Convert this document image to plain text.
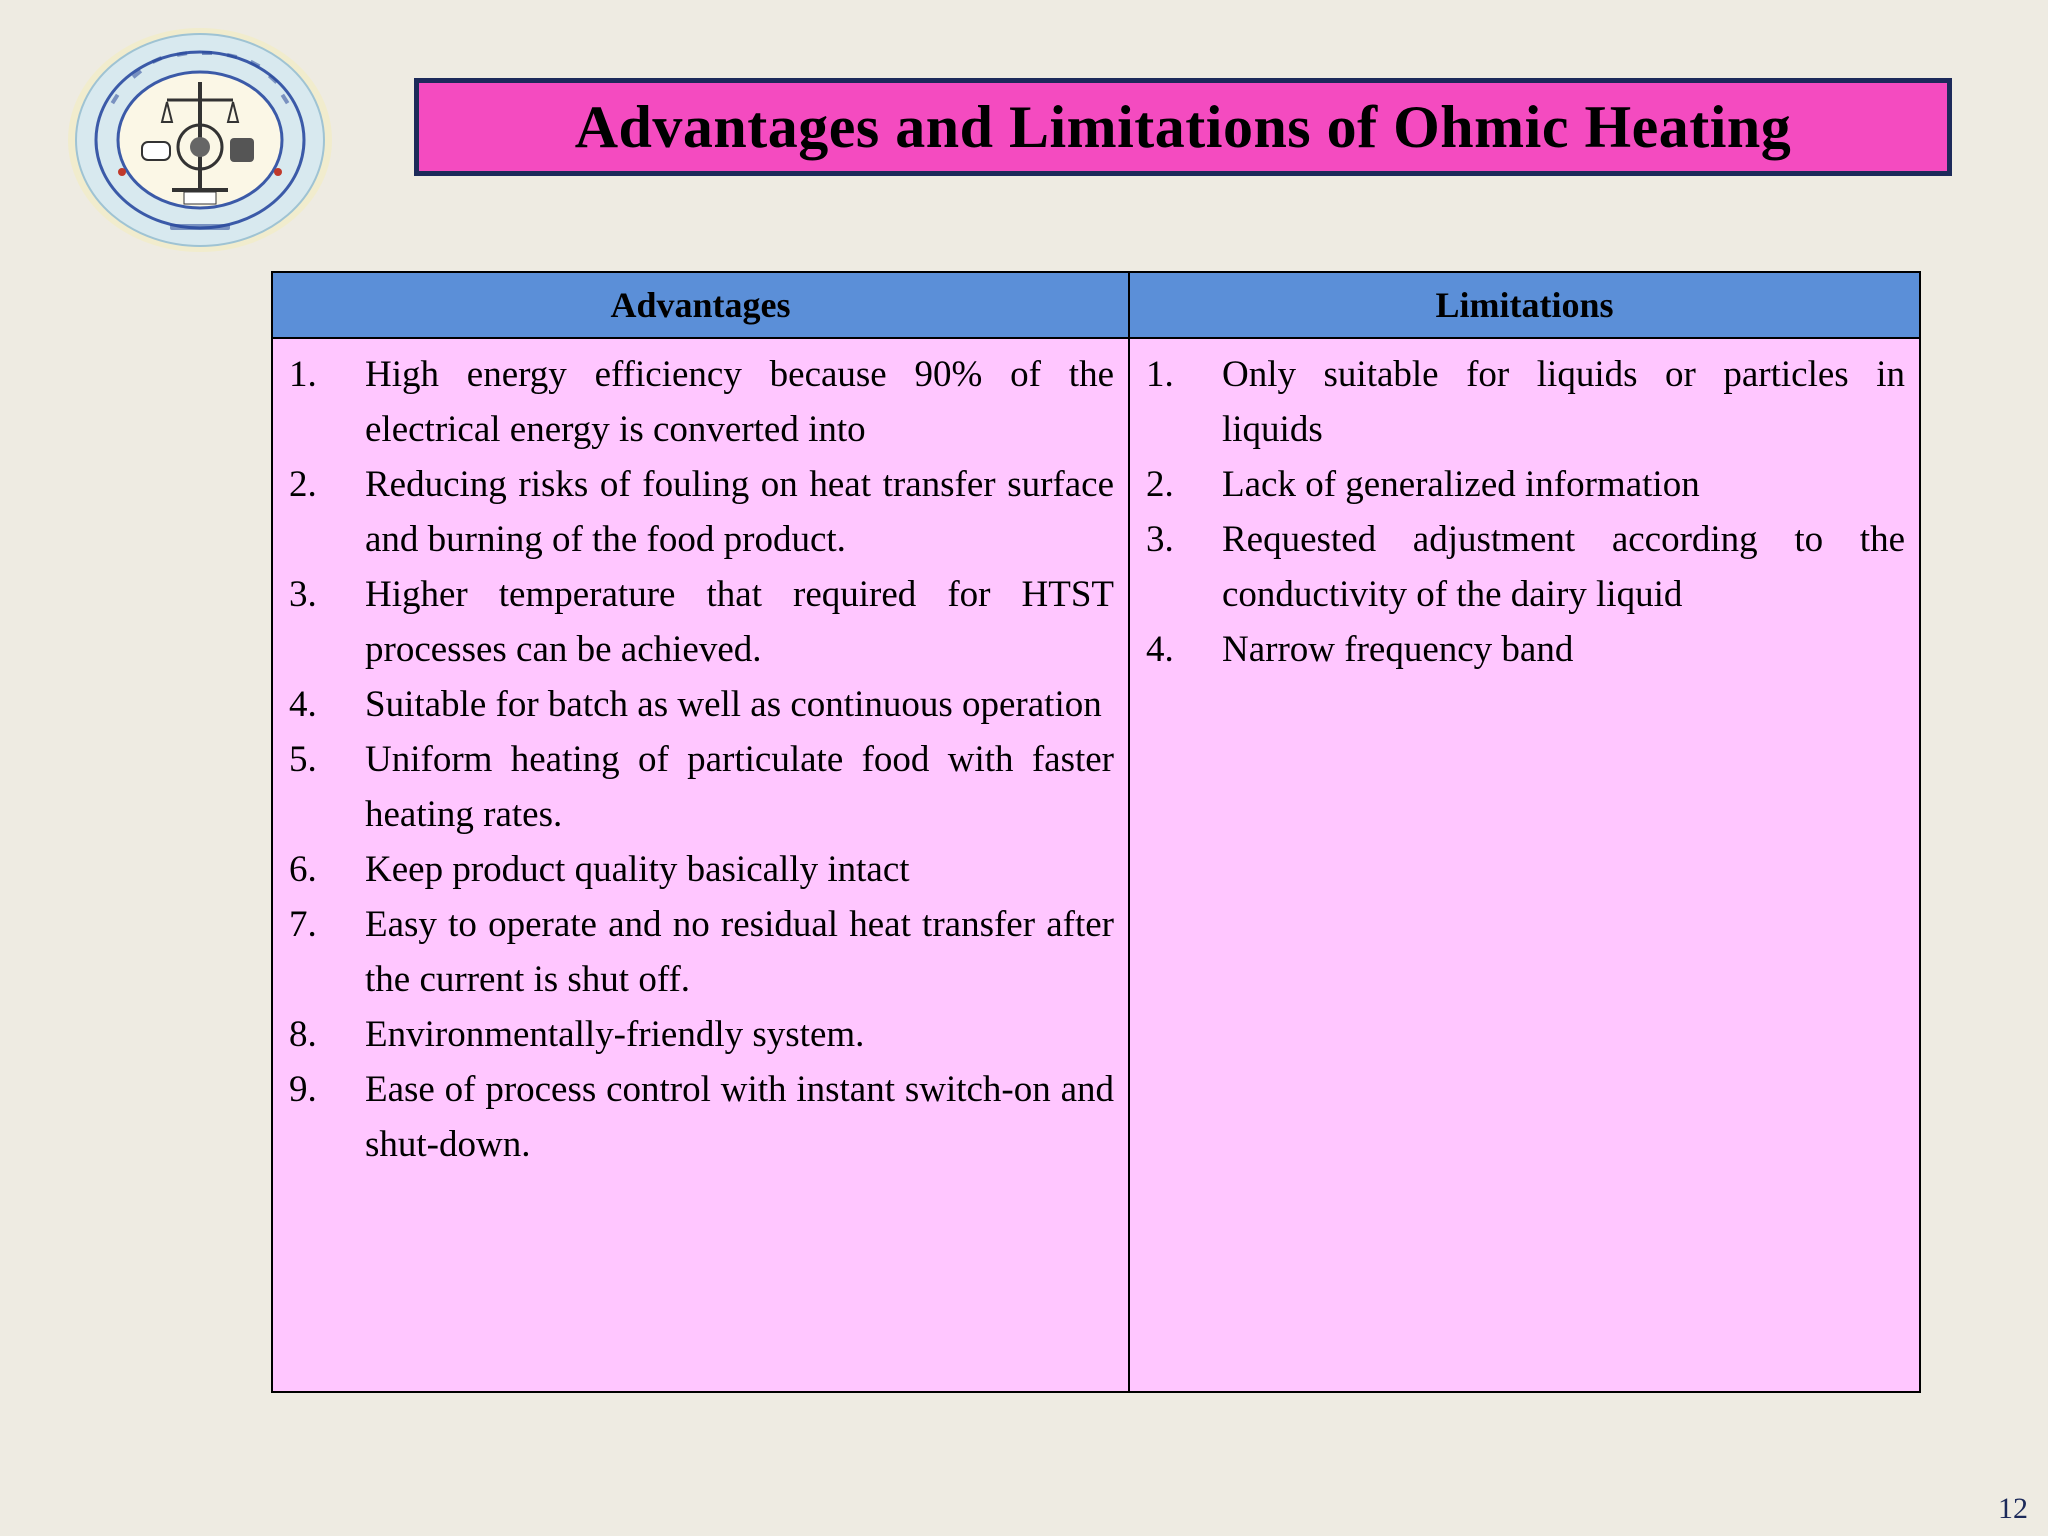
Advantages and Limitations of Ohmic Heating
Advantages	Limitations
1.	High energy efficiency because 90% of the electrical energy is converted into
2.	Reducing risks of fouling on heat transfer surface and burning of the food product.
3.	Higher temperature that required for HTST processes can be achieved.
4.	Suitable for batch as well as continuous operation
5.	Uniform heating of particulate food with faster heating rates.
6.	Keep product quality basically intact
7.	Easy to operate and no residual heat transfer after the current is shut off.
8.	Environmentally-friendly system.
9.	Ease of process control with instant switch-on and shut-down.
1.	Only suitable for liquids or particles in liquids
2.	Lack of generalized information
3.	Requested adjustment according to the conductivity of the dairy liquid
4.	Narrow frequency band
12
